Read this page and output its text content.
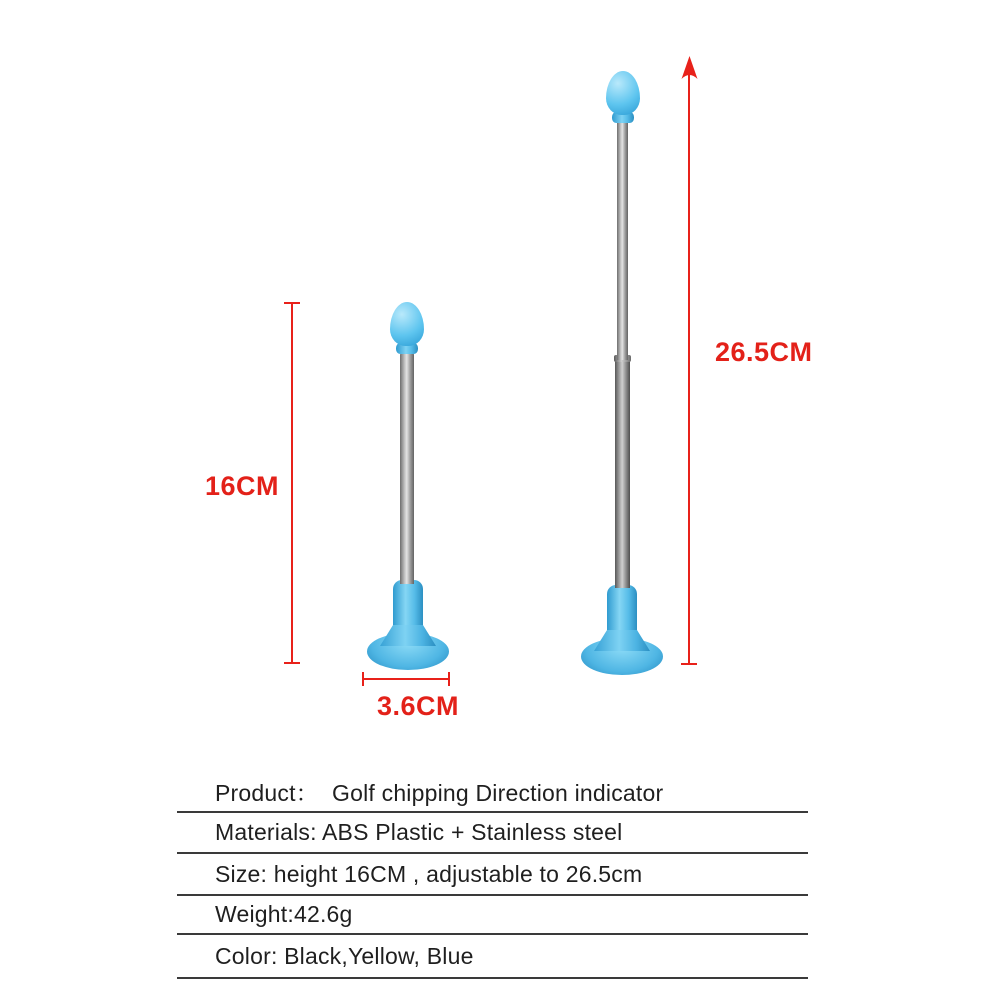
16CM
3.6CM
26.5CM
Product：  Golf chipping Direction indicator
Materials: ABS Plastic + Stainless steel
Size: height 16CM , adjustable to 26.5cm
Weight:42.6g
Color: Black,Yellow, Blue
